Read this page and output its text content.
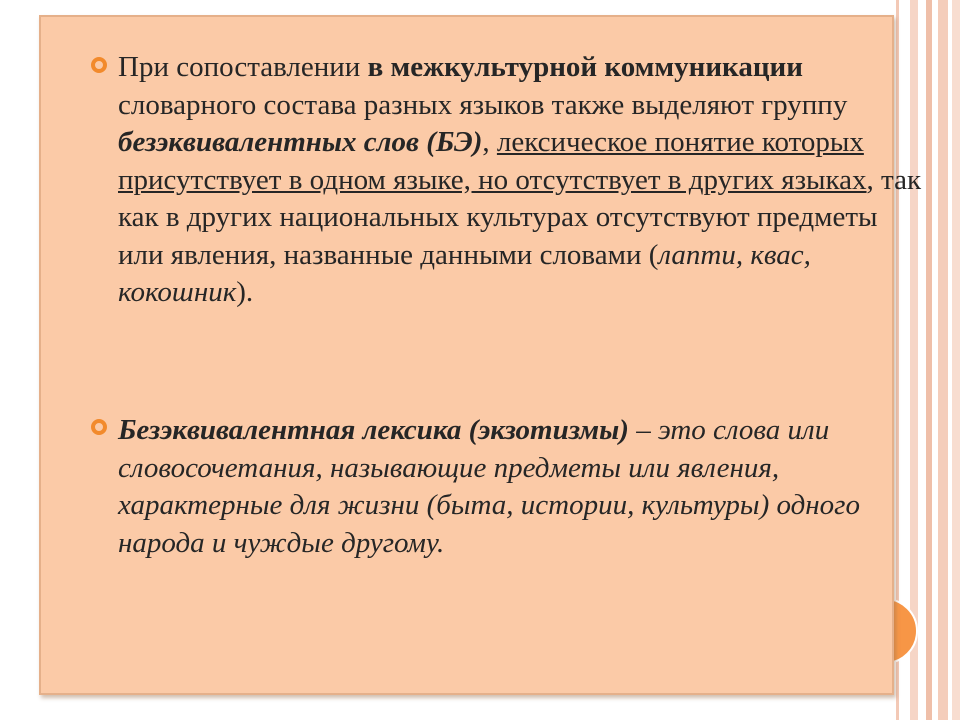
При сопоставлении в межкультурной коммуникации словарного состава разных языков также выделяют группу безэквивалентных слов (БЭ), лексическое понятие которых присутствует в одном языке, но отсутствует в других языках, так как в других национальных культурах отсутствуют предметы или явления, названные данными словами (лапти, квас, кокошник).
Безэквивалентная лексика (экзотизмы) – это слова или словосочетания, называющие предметы или явления, характерные для жизни (быта, истории, культуры) одного народа и чуждые другому.
